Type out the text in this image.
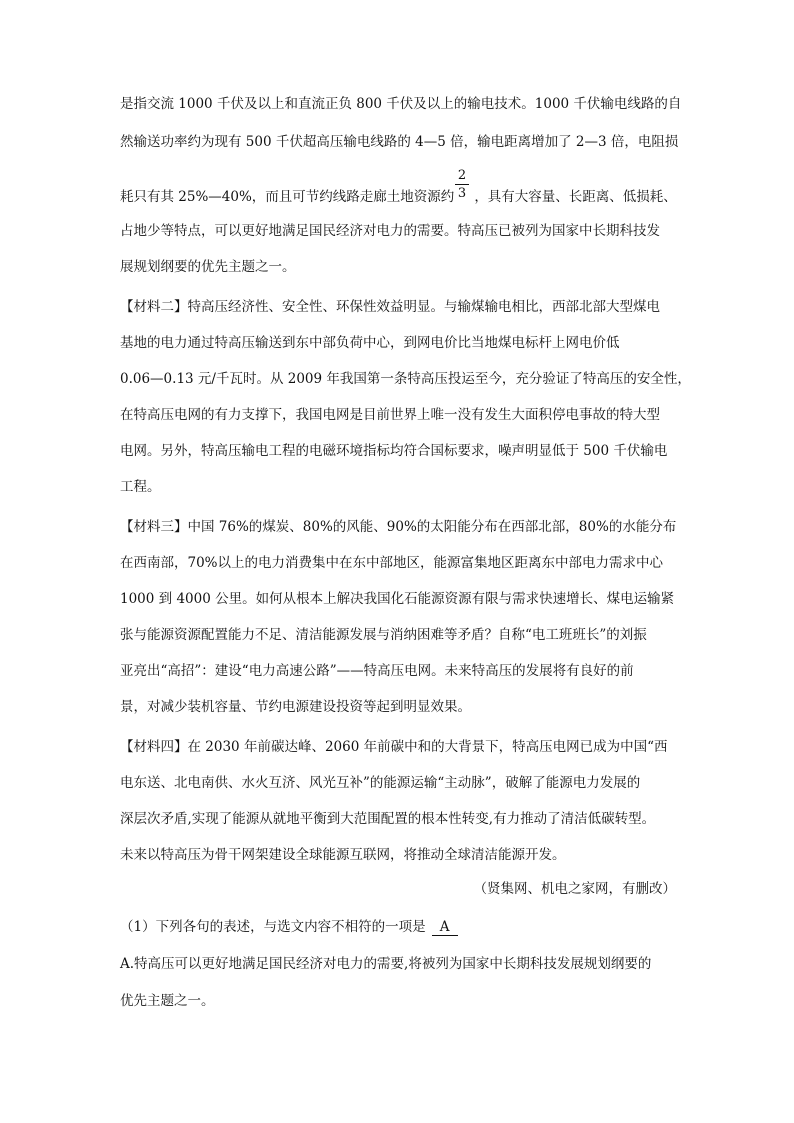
是指交流 1000 千伏及以上和直流正负 800 千伏及以上的输电技术。1000 千伏输电线路的自
然输送功率约为现有 500 千伏超高压输电线路的 4—5 倍，输电距离增加了 2—3 倍，电阻损
耗只有其 25%—40%，而且可节约线路走廊土地资源约 ，具有大容量、长距离、低损耗、
2
3
占地少等特点，可以更好地满足国民经济对电力的需要。特高压已被列为国家中长期科技发
展规划纲要的优先主题之一。
【材料二】特高压经济性、安全性、环保性效益明显。与输煤输电相比，西部北部大型煤电
基地的电力通过特高压输送到东中部负荷中心，到网电价比当地煤电标杆上网电价低
0.06—0.13 元/千瓦时。从 2009 年我国第一条特高压投运至今，充分验证了特高压的安全性，
在特高压电网的有力支撑下，我国电网是目前世界上唯一没有发生大面积停电事故的特大型
电网。另外，特高压输电工程的电磁环境指标均符合国标要求，噪声明显低于 500 千伏输电
工程。
【材料三】中国 76%的煤炭、80%的风能、90%的太阳能分布在西部北部，80%的水能分布
在西南部，70%以上的电力消费集中在东中部地区，能源富集地区距离东中部电力需求中心
1000 到 4000 公里。如何从根本上解决我国化石能源资源有限与需求快速增长、煤电运输紧
张与能源资源配置能力不足、清洁能源发展与消纳困难等矛盾？自称“电工班班长”的刘振
亚亮出“高招”：建设“电力高速公路”——特高压电网。未来特高压的发展将有良好的前
景，对减少装机容量、节约电源建设投资等起到明显效果。
【材料四】在 2030 年前碳达峰、2060 年前碳中和的大背景下，特高压电网已成为中国“西
电东送、北电南供、水火互济、风光互补”的能源运输“主动脉”，破解了能源电力发展的
深层次矛盾,实现了能源从就地平衡到大范围配置的根本性转变,有力推动了清洁低碳转型。
未来以特高压为骨干网架建设全球能源互联网，将推动全球清洁能源开发。
（贤集网、机电之家网，有删改）
（1）下列各句的表述，与选文内容不相符的一项是 A
A.特高压可以更好地满足国民经济对电力的需要,将被列为国家中长期科技发展规划纲要的
优先主题之一。
